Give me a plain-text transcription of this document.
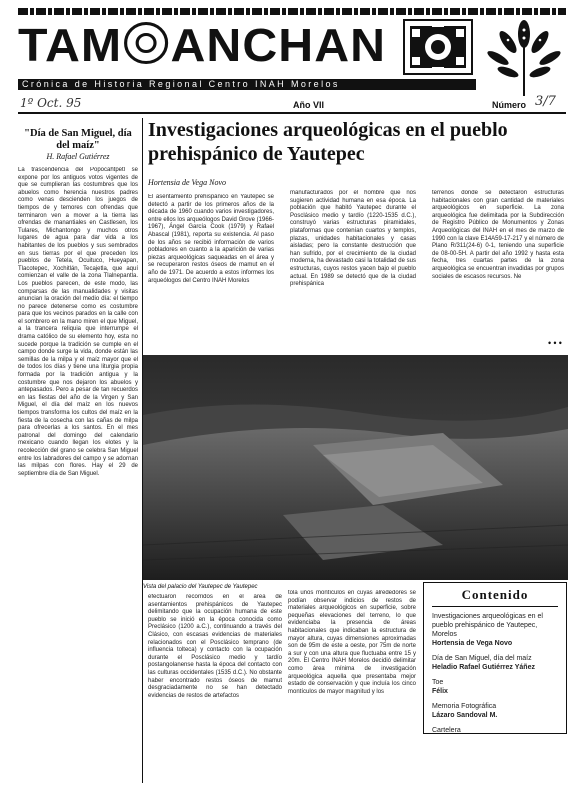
TAM ANCHAN
Crónica de Historia Regional Centro INAH Morelos
1º Oct. 95	Año VII	Número 3/7
"Día de San Miguel, día del maíz"
H. Rafael Gutiérrez
La trascendencia del Popocahtpetl se expone por los antiguos votos vigentes de que se cumplieran las costumbres que los abuelos como herencia nuestros padres como venas descienden los juegos de tiempos de y temores con ofrendas que terminaron ven a mover a la tierra las ofrendas de manantiales en Castlesen, los Tulares, Michantongo y muchos otros lugares de agua para dar vida a los habitantes de los pueblos y sus sembrados en sus tierras por el que preceden los pueblos de Tetela, Ocuituco, Hueyapan, Tlacotepec, Xochitlán, Tecajetla, que aquí comienzan el valle de la zona Tlalnepantla. Los pueblos parecen, de este modo, las comparsas de las manualidades y visitas anuncian la oración del medio día: el tiempo no parece detenerse como es costumbre para que los vecinos parados en la calle con el sombrero en la mano miren el que Miguel, a la trancera reliquia que interrumpe el drama católico de su elemento hoy, esta no sucede porque la tradición se cumple en el campo donde surge la vida, donde están las semillas de la milpa y el maíz mayor que el de todos los días y tiene una liturgia propia formada por la tradición antigua y la costumbre que nos dejaron los abuelos y antepasados. Pero a pesar de tan recuerdos en las fiestas del año de la Virgen y San Miguel, el día del maíz en los nuevos tiempos transforma los cultos del maíz en la fiesta de la cosecha con las cañas de milpa para ofrecerlas a los santos. En el mes patronal del domingo del calendario mexicano cuando llegan los elotes y la recolección del grano se celebra San Miguel entre los labradores del campo y se adornan las milpas con flores. Hay el 29 de septiembre día de San Miguel.
Investigaciones arqueológicas en el pueblo prehispánico de Yautepec
Hortensia de Vega Novo
El asentamiento prehispánico en Yautepec se detectó a partir de los primeros años de la década de 1960 cuando varios investigadores, entre ellos los arqueólogos David Grove (1966-1967), Ángel García Cook (1979) y Rafael Abascal (1981), reporta su existencia. Al paso de los años se recibió información de varios pobladores en cuanto a la aparición de varias piezas arqueológicas saqueadas en el área y se recuperaron restos óseos de mamut en el año de 1971. De acuerdo a estos informes los arqueólogos del Centro INAH Morelos
manufacturados por el hombre que nos sugieren actividad humana en esa época. La población que habitó Yautepec durante el Posclásico medio y tardío (1220-1535 d.C.), construyó varias estructuras piramidales, plataformas que contenían cuartos y templos, plazas, unidades habitacionales y casas aisladas; pero la constante destrucción que han sufrido, por el crecimiento de la ciudad moderna, ha devastado casi la totalidad de sus estructuras, cuyos restos yacen bajo el pueblo actual. En 1989 se detectó que de la ciudad prehispánica
terrenos donde se detectaron estructuras habitacionales con gran cantidad de materiales arqueológicos en superficie. La zona arqueológica fue delimitada por la Subdirección de Registro Público de Monumentos y Zonas Arqueológicas del INAH en el mes de marzo de 1990 con la clave E14A59-17-217 y el número de Plano R/311(24-6) 0-1, teniendo una superficie de 08-00-5H. A partir del año 1992 y hasta esta fecha, tres cuartas partes de la zona arqueológica se encuentran invadidas por grupos sociales de escasos recursos. Ne
• • •
Vista del palacio del Yautepec de Yautepec
efectuaron recorridos en el área de asentamientos prehispánicos de Yautepec delimitando que la ocupación humana de este pueblo se inició en la época conocida como Preclásico (1200 a.C.), continuando a través del Clásico, con escasas evidencias de materiales relacionados con el Posclásico temprano (de influencia tolteca) y contacto con la ocupación durante el Posclásico medio y tardío postangolanense hasta la época del contacto con las culturas occidentales (1535 d.C.). No obstante haber encontrado restos óseos de mamut desgraciadamente no se han detectado evidencias de restos de artefactos
tola unos montículos en cuyas alrededores se podían observar indicios de restos de materiales arqueológicos en superficie, sobre pequeñas elevaciones del terreno, lo que evidenciaba la presencia de áreas habitacionales que indicaban la estructura de mayor altura, cuyas dimensiones aproximadas son de 95m de este a oeste, por 75m de norte a sur y con una altura que fluctuaba entre 15 y 20m. El Centro INAH Morelos decidió delimitar como área mínima de investigación arqueológica aquella que presentaba mejor estado de conservación y que incluía los cinco montículos de mayor magnitud y los
Contenido
Investigaciones arqueológicas en el pueblo prehispánico de Yautepec, Morelos
Hortensia de Vega Novo
Día de San Miguel, día del maíz
Heladio Rafael Gutiérrez Yáñez
Toe
Félix
Memoria Fotográfica
Lázaro Sandoval M.
Cartelera
